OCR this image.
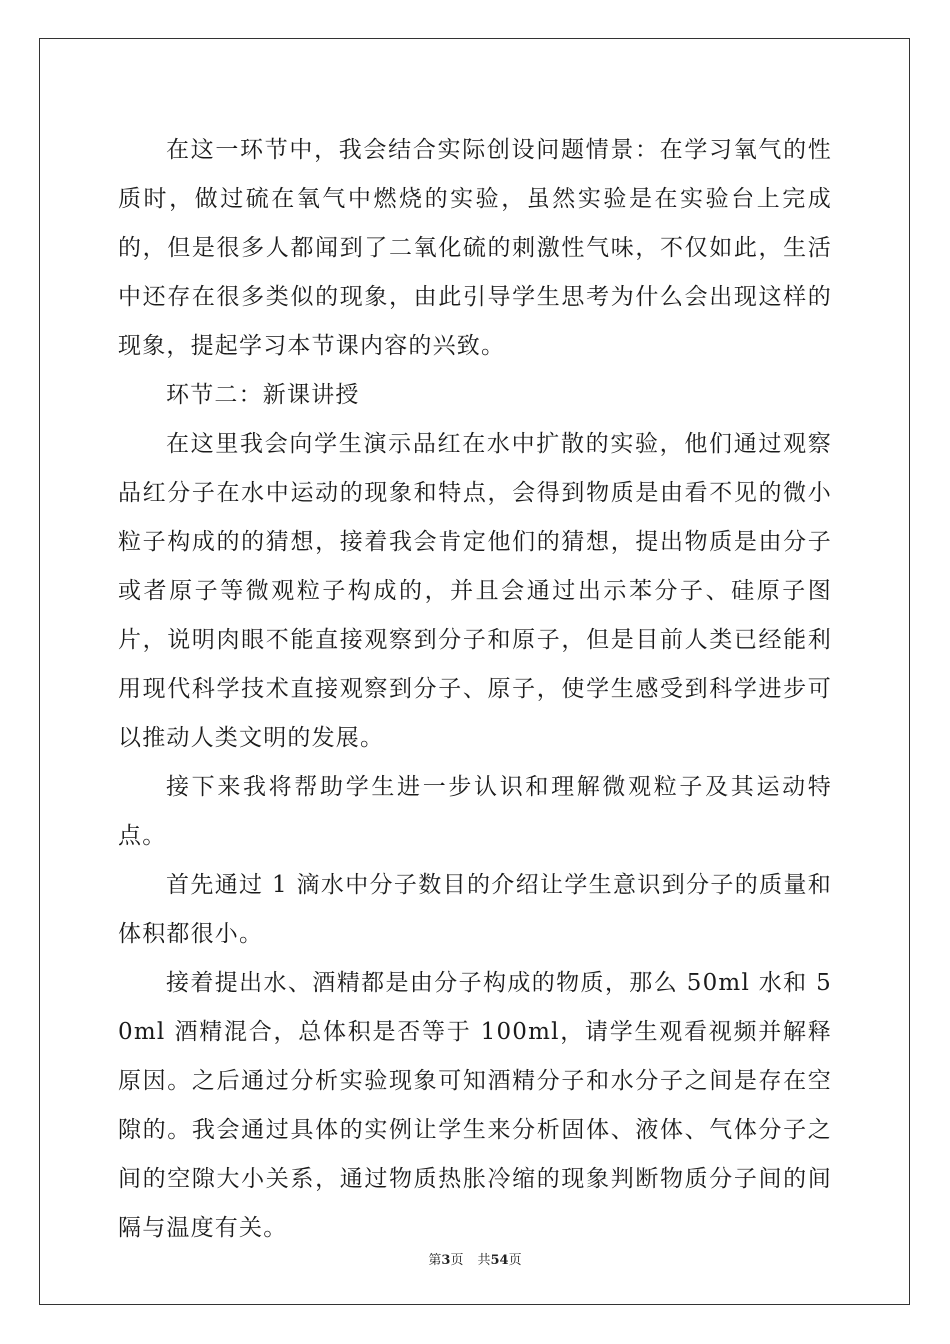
在这一环节中，我会结合实际创设问题情景：在学习氧气的性质时，做过硫在氧气中燃烧的实验，虽然实验是在实验台上完成的，但是很多人都闻到了二氧化硫的刺激性气味，不仅如此，生活中还存在很多类似的现象，由此引导学生思考为什么会出现这样的现象，提起学习本节课内容的兴致。

环节二：新课讲授

在这里我会向学生演示品红在水中扩散的实验，他们通过观察品红分子在水中运动的现象和特点，会得到物质是由看不见的微小粒子构成的的猜想，接着我会肯定他们的猜想，提出物质是由分子或者原子等微观粒子构成的，并且会通过出示苯分子、硅原子图片，说明肉眼不能直接观察到分子和原子，但是目前人类已经能利用现代科学技术直接观察到分子、原子，使学生感受到科学进步可以推动人类文明的发展。

接下来我将帮助学生进一步认识和理解微观粒子及其运动特点。

首先通过 1 滴水中分子数目的介绍让学生意识到分子的质量和体积都很小。

接着提出水、酒精都是由分子构成的物质，那么 50ml 水和 50ml 酒精混合，总体积是否等于 100ml，请学生观看视频并解释原因。之后通过分析实验现象可知酒精分子和水分子之间是存在空隙的。我会通过具体的实例让学生来分析固体、液体、气体分子之间的空隙大小关系，通过物质热胀冷缩的现象判断物质分子间的间隔与温度有关。

第3页 共54页
